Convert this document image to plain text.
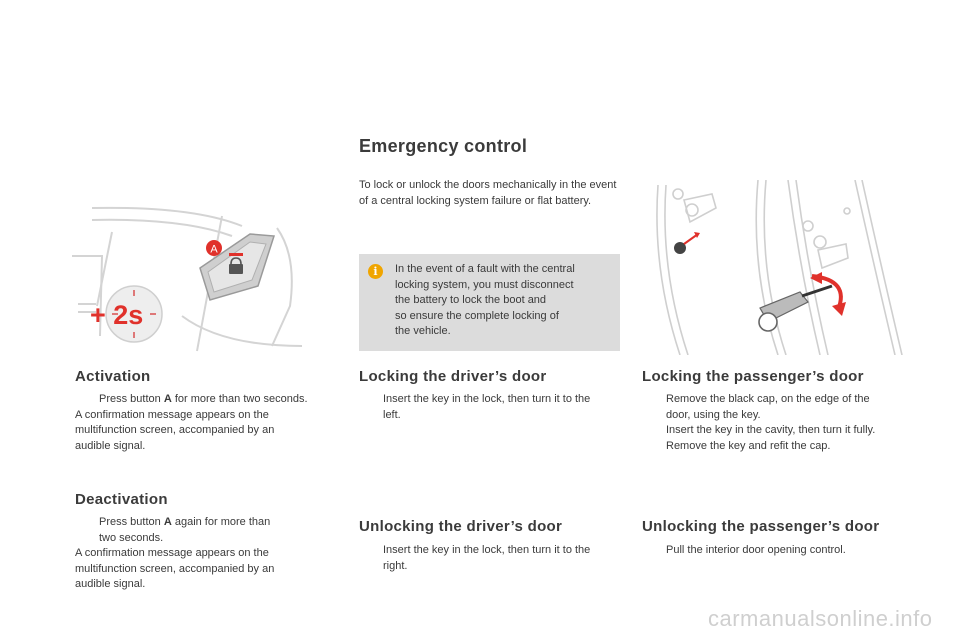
A
+ 2s
Emergency control

To lock or unlock the doors mechanically in the event of a central locking system failure or flat battery.

i	In the event of a fault with the central

locking system, you must disconnect

the battery to lock the boot and

so ensure the complete locking of

the vehicle.

Activation

Press button A for more than two seconds.

A confirmation message appears on the

multifunction screen, accompanied by an

audible signal.

Deactivation

Press button A again for more than

two seconds.

A confirmation message appears on the

multifunction screen, accompanied by an

audible signal.

Locking the driver’s door

Insert the key in the lock, then turn it to the

left.

Unlocking the driver’s door

Insert the key in the lock, then turn it to the

right.

Locking the passenger’s door

Remove the black cap, on the edge of the

door, using the key.

Insert the key in the cavity, then turn it fully.

Remove the key and refit the cap.

Unlocking the passenger’s door

Pull the interior door opening control.

carmanualsonline.info
